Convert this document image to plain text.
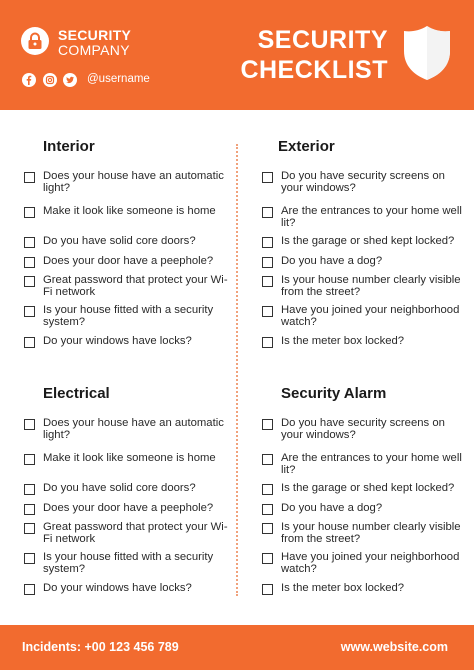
SECURITY
COMPANY
@username
SECURITY
CHECKLIST
Interior
Does your house have an automatic light?
Make it look like someone is home
Do you have solid core doors?
Does your door have a peephole?
Great password that protect your Wi-Fi network
Is your house fitted with a security system?
Do your windows have locks?
Exterior
Do you have security screens on your windows?
Are the entrances to your home well lit?
Is the garage or shed kept locked?
Do you have a dog?
Is your house number clearly visible from the street?
Have you joined your neighborhood watch?
Is the meter box locked?
Electrical
Does your house have an automatic light?
Make it look like someone is home
Do you have solid core doors?
Does your door have a peephole?
Great password that protect your Wi-Fi network
Is your house fitted with a security system?
Do your windows have locks?
Security Alarm
Do you have security screens on your windows?
Are the entrances to your home well lit?
Is the garage or shed kept locked?
Do you have a dog?
Is your house number clearly visible from the street?
Have you joined your neighborhood watch?
Is the meter box locked?
Incidents: +00 123 456 789	www.website.com
